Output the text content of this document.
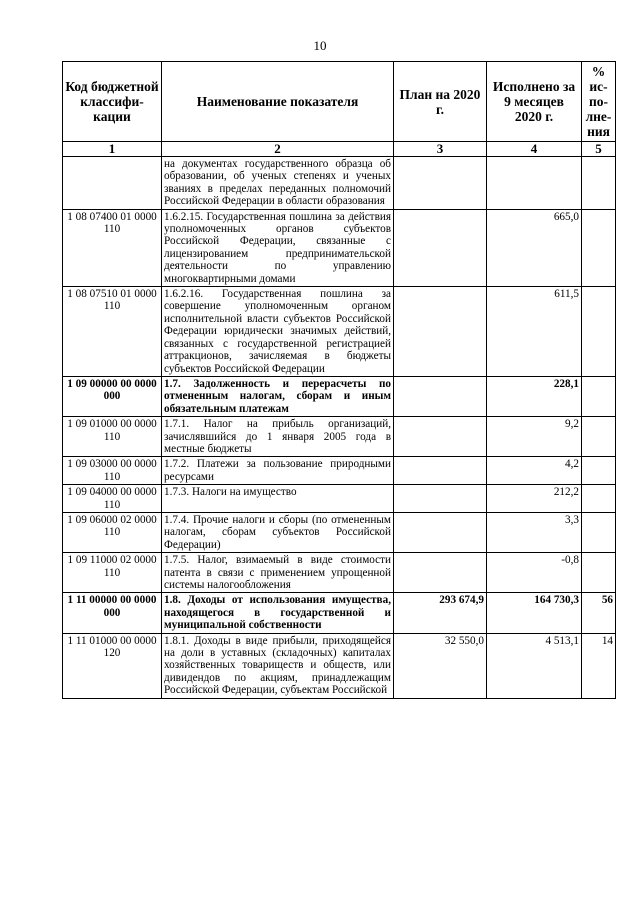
10
Код бюджетной классифи-кации	Наименование показателя	План на 2020 г.	Исполнено за 9 месяцев 2020 г.	% ис-по-лне-ния
1	2	3	4	5
	на документах государственного образца об образовании, об ученых степенях и ученых званиях в пределах переданных полномочий Российской Федерации в области образования			
1 08 07400 01 0000 110	1.6.2.15. Государственная пошлина за действия уполномоченных органов субъектов Российской Федерации, связанные с лицензированием предпринимательской деятельности по управлению многоквартирными домами		665,0	
1 08 07510 01 0000 110	1.6.2.16. Государственная пошлина за совершение уполномоченным органом исполнительной власти субъектов Российской Федерации юридически значимых действий, связанных с государственной регистрацией аттракционов, зачисляемая в бюджеты субъектов Российской Федерации		611,5	
1 09 00000 00 0000 000	1.7. Задолженность и перерасчеты по отмененным налогам, сборам и иным обязательным платежам		228,1	
1 09 01000 00 0000 110	1.7.1. Налог на прибыль организаций, зачислявшийся до 1 января 2005 года в местные бюджеты		9,2	
1 09 03000 00 0000 110	1.7.2. Платежи за пользование природными ресурсами		4,2	
1 09 04000 00 0000 110	1.7.3. Налоги на имущество		212,2	
1 09 06000 02 0000 110	1.7.4. Прочие налоги и сборы (по отмененным налогам, сборам субъектов Российской Федерации)		3,3	
1 09 11000 02 0000 110	1.7.5. Налог, взимаемый в виде стоимости патента в связи с применением упрощенной системы налогообложения		-0,8	
1 11 00000 00 0000 000	1.8. Доходы от использования имущества, находящегося в государственной и муниципальной собственности	293 674,9	164 730,3	56
1 11 01000 00 0000 120	1.8.1. Доходы в виде прибыли, приходящейся на доли в уставных (складочных) капиталах хозяйственных товариществ и обществ, или дивидендов по акциям, принадлежащим Российской Федерации, субъектам Российской	32 550,0	4 513,1	14
